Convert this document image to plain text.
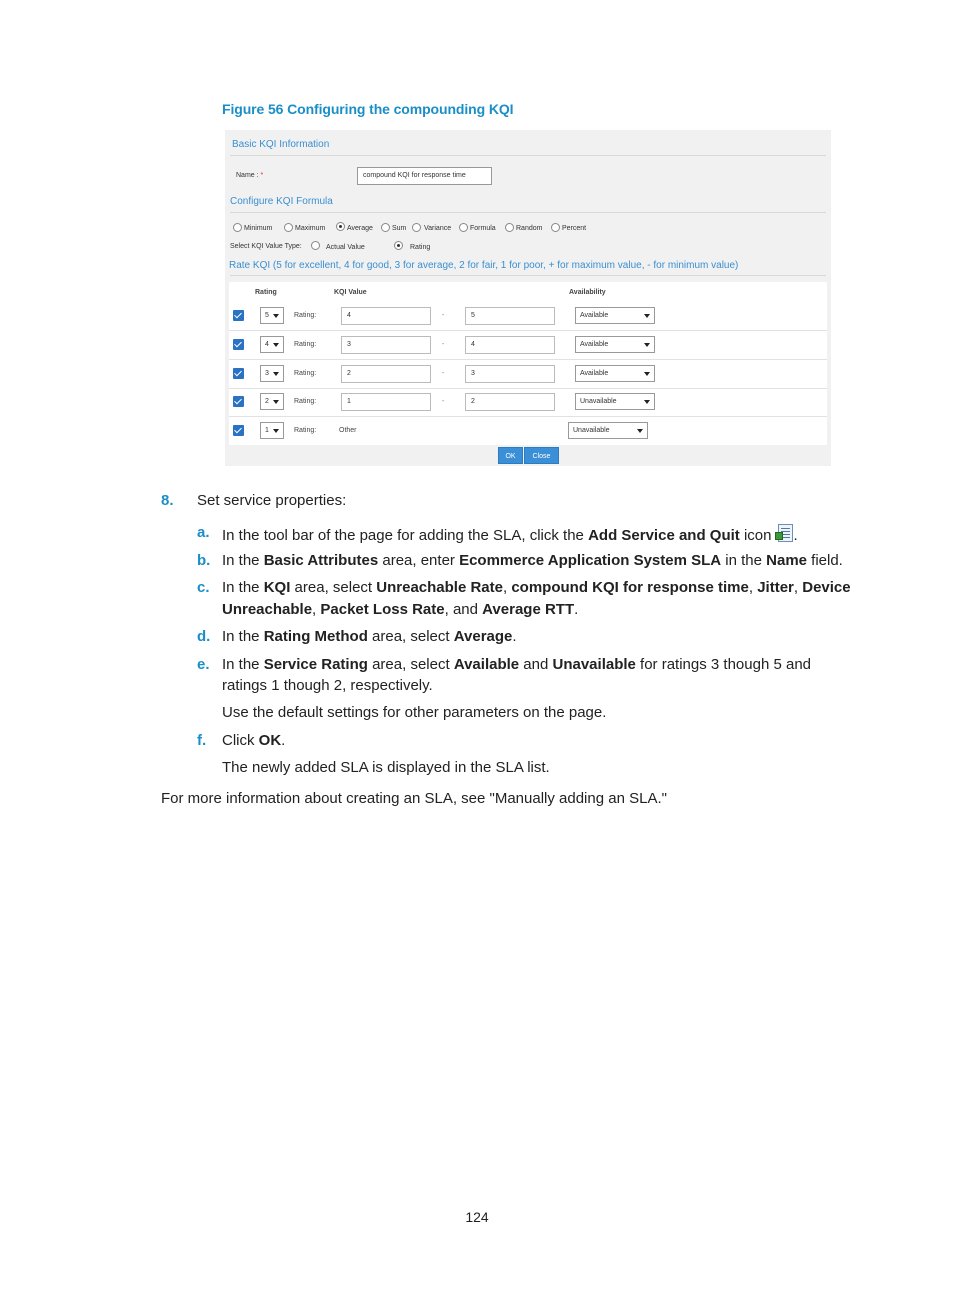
Figure 56 Configuring the compounding KQI
Basic KQI Information
Name : *	compound KQI for response time
Configure KQI Formula
Minimum	Maximum	Average	Sum	Variance	Formula	Random	Percent
Select KQI Value Type:	Actual Value	Rating
Rate KQI (5 for excellent, 4 for good, 3 for average, 2 for fair, 1 for poor, + for maximum value, - for minimum value)
Rating	KQI Value	Availability
5	Rating:	4	-	5	Available
4	Rating:	3	-	4	Available
3	Rating:	2	-	3	Available
2	Rating:	1	-	2	Unavailable
1	Rating:	Other	Unavailable
OK	Close
8. Set service properties:
a. In the tool bar of the page for adding the SLA, click the Add Service and Quit icon .
b. In the Basic Attributes area, enter Ecommerce Application System SLA in the Name field.
c. In the KQI area, select Unreachable Rate, compound KQI for response time, Jitter, Device
Unreachable, Packet Loss Rate, and Average RTT.
d. In the Rating Method area, select Average.
e. In the Service Rating area, select Available and Unavailable for ratings 3 though 5 and
ratings 1 though 2, respectively.
Use the default settings for other parameters on the page.
f. Click OK.
The newly added SLA is displayed in the SLA list.
For more information about creating an SLA, see "Manually adding an SLA."
124
